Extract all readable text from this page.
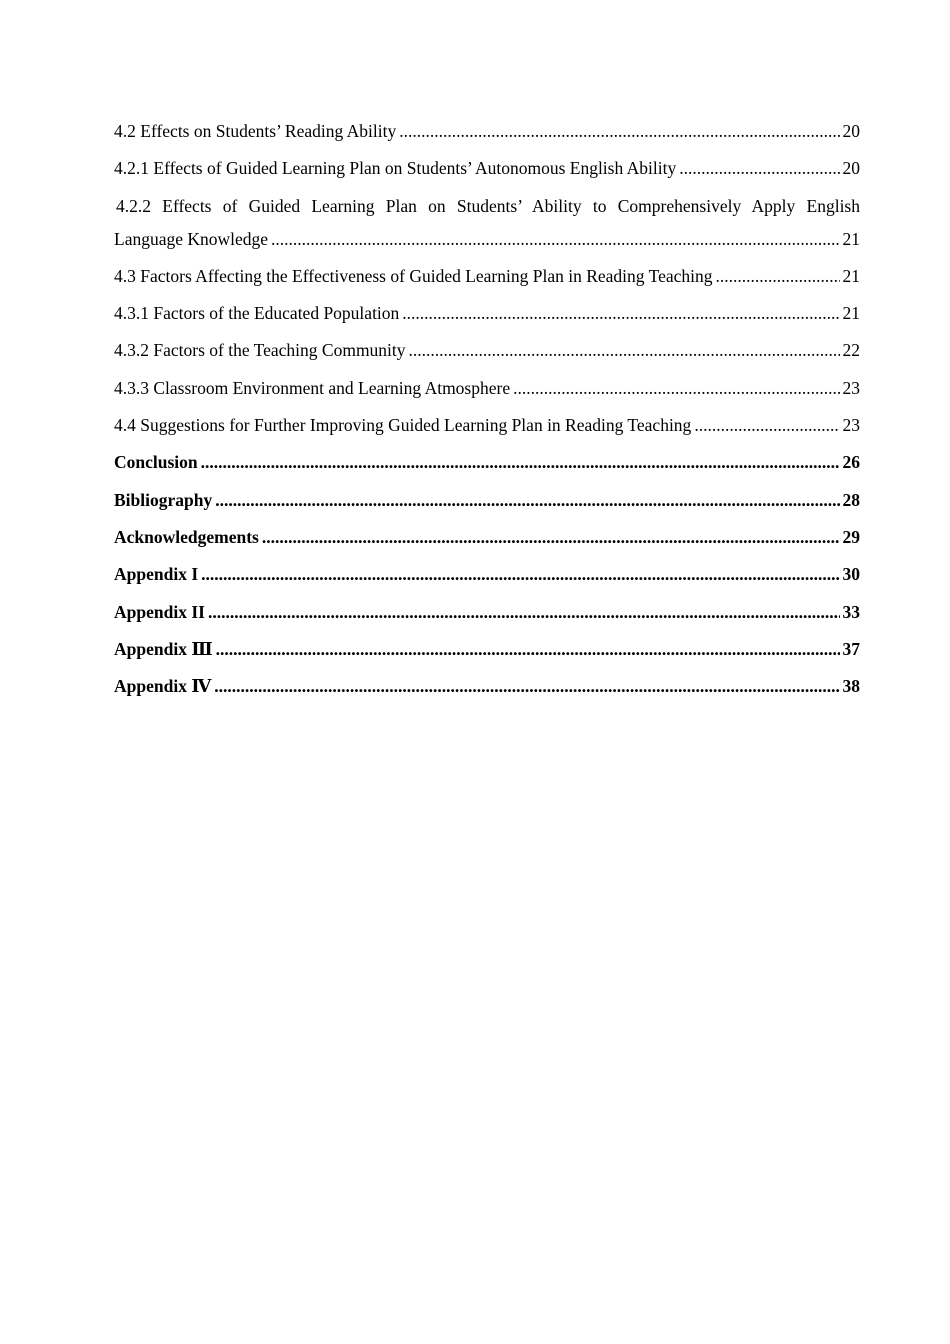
4.2 Effects on Students’ Reading Ability .....	20
4.2.1 Effects of Guided Learning Plan on Students’ Autonomous English Ability .....	20
4.2.2 Effects of Guided Learning Plan on Students’ Ability to Comprehensively Apply English
Language Knowledge .....	21
4.3 Factors Affecting the Effectiveness of Guided Learning Plan in Reading Teaching .....	21
4.3.1 Factors of the Educated Population .....	21
4.3.2 Factors of the Teaching Community .....	22
4.3.3 Classroom Environment and Learning Atmosphere .....	23
4.4 Suggestions for Further Improving Guided Learning Plan in Reading Teaching .....	23
Conclusion .....	26
Bibliography .....	28
Acknowledgements .....	29
Appendix I .....	30
Appendix II .....	33
Appendix Ⅲ .....	37
Appendix Ⅳ .....	38
